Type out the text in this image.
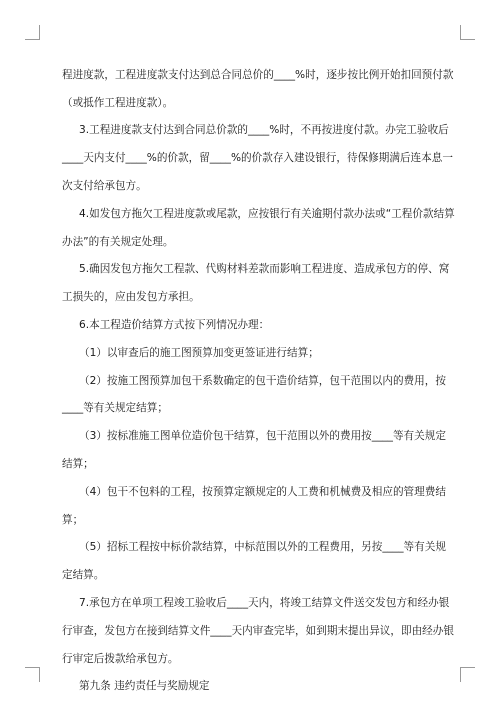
程进度款，工程进度款支付达到总合同总价的____%时，逐步按比例开始扣回预付款
（或抵作工程进度款）。
3.工程进度款支付达到合同总价款的____%时，不再按进度付款。办完工验收后
____天内支付____%的价款，留____%的价款存入建设银行，待保修期满后连本息一
次支付给承包方。
4.如发包方拖欠工程进度款或尾款，应按银行有关逾期付款办法或“工程价款结算
办法”的有关规定处理。
5.确因发包方拖欠工程款、代购材料差款而影响工程进度、造成承包方的停、窝
工损失的，应由发包方承担。
6.本工程造价结算方式按下列情况办理：
（1）以审查后的施工图预算加变更签证进行结算；
（2）按施工图预算加包干系数确定的包干造价结算，包干范围以内的费用，按
____等有关规定结算；
（3）按标准施工图单位造价包干结算，包干范围以外的费用按____等有关规定
结算；
（4）包干不包料的工程，按预算定额规定的人工费和机械费及相应的管理费结
算；
（5）招标工程按中标价款结算，中标范围以外的工程费用，另按____等有关规
定结算。
7.承包方在单项工程竣工验收后____天内，将竣工结算文件送交发包方和经办银
行审查，发包方在接到结算文件____天内审查完毕，如到期末提出异议，即由经办银
行审定后拨款给承包方。
第九条 违约责任与奖励规定
